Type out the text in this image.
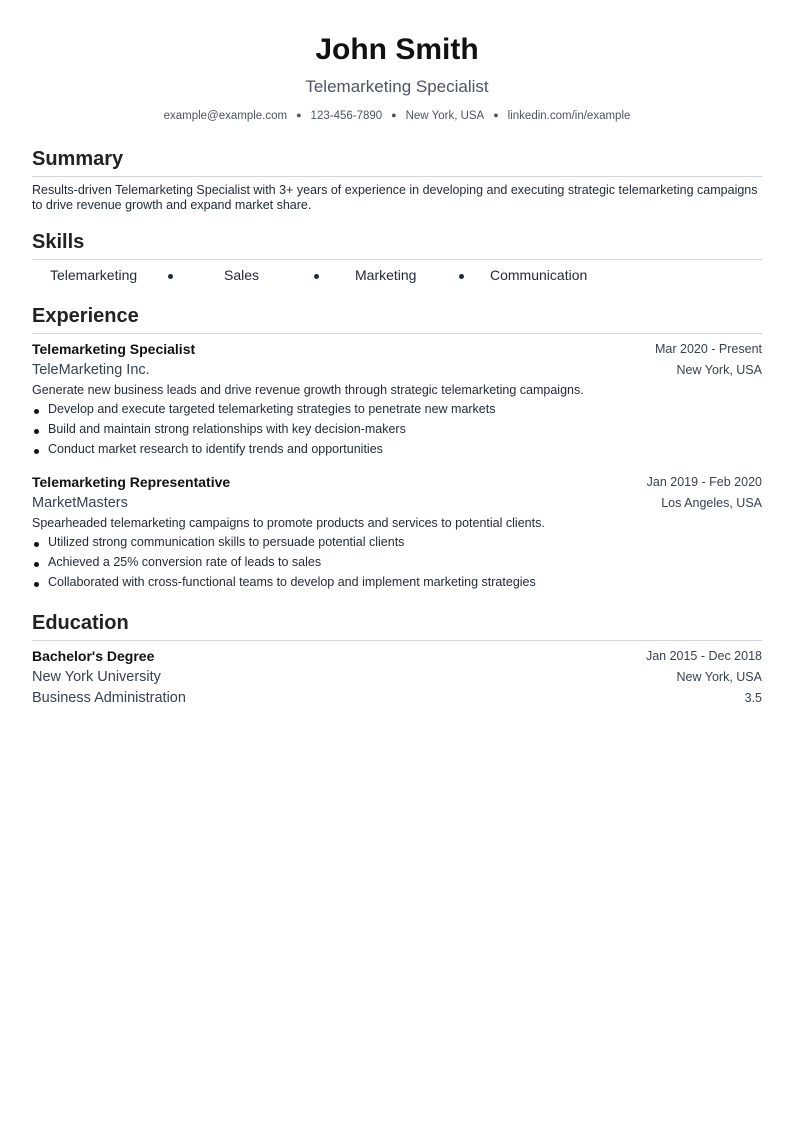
John Smith
Telemarketing Specialist
example@example.com ● 123-456-7890 ● New York, USA ● linkedin.com/in/example
Summary
Results-driven Telemarketing Specialist with 3+ years of experience in developing and executing strategic telemarketing campaigns to drive revenue growth and expand market share.
Skills
Telemarketing	Sales	Marketing	Communication
Experience
Telemarketing Specialist	Mar 2020 - Present
TeleMarketing Inc.	New York, USA
Generate new business leads and drive revenue growth through strategic telemarketing campaigns.
Develop and execute targeted telemarketing strategies to penetrate new markets
Build and maintain strong relationships with key decision-makers
Conduct market research to identify trends and opportunities
Telemarketing Representative	Jan 2019 - Feb 2020
MarketMasters	Los Angeles, USA
Spearheaded telemarketing campaigns to promote products and services to potential clients.
Utilized strong communication skills to persuade potential clients
Achieved a 25% conversion rate of leads to sales
Collaborated with cross-functional teams to develop and implement marketing strategies
Education
Bachelor's Degree	Jan 2015 - Dec 2018
New York University	New York, USA
Business Administration	3.5
